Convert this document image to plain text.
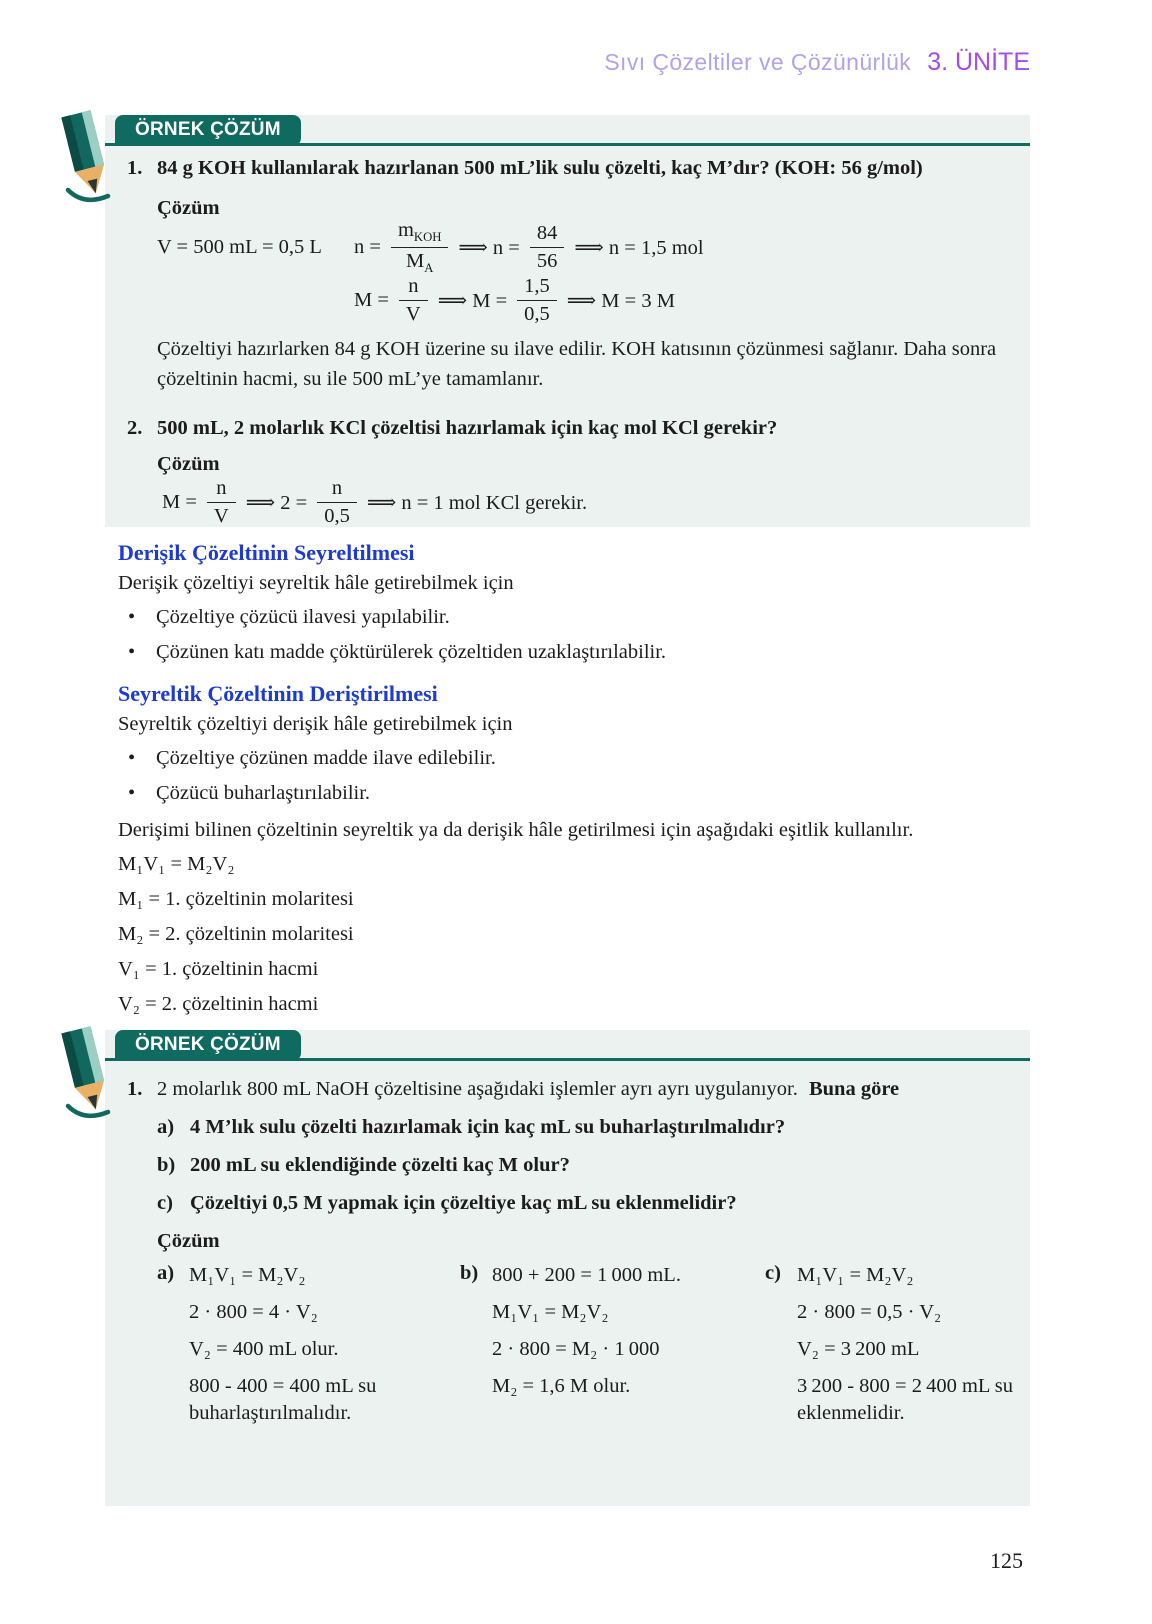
Sıvı Çözeltiler ve Çözünürlük 3. ÜNİTE
ÖRNEK ÇÖZÜM
1. 84 g KOH kullanılarak hazırlanan 500 mL’lik sulu çözelti, kaç M’dır? (KOH: 56 g/mol)
Çözüm
V = 500 mL = 0,5 L	$n = \frac{m_{KOH}}{M_A}$ ⟹ $n = \frac{84}{56}$ ⟹ n = 1,5 mol
$M = \frac{n}{V}$ ⟹ $M = \frac{1,5}{0,5}$ ⟹ M = 3 M
Çözeltiyi hazırlarken 84 g KOH üzerine su ilave edilir. KOH katısının çözünmesi sağlanır. Daha sonra çözeltinin hacmi, su ile 500 mL’ye tamamlanır.
2. 500 mL, 2 molarlık KCl çözeltisi hazırlamak için kaç mol KCl gerekir?
Çözüm
$M = \frac{n}{V}$ ⟹ $2 = \frac{n}{0,5}$ ⟹ n = 1 mol KCl gerekir.
Derişik Çözeltinin Seyreltilmesi
Derişik çözeltiyi seyreltik hâle getirebilmek için
•
Çözeltiye çözücü ilavesi yapılabilir.
•
Çözünen katı madde çöktürülerek çözeltiden uzaklaştırılabilir.
Seyreltik Çözeltinin Deriştirilmesi
Seyreltik çözeltiyi derişik hâle getirebilmek için
•
Çözeltiye çözünen madde ilave edilebilir.
•
Çözücü buharlaştırılabilir.
Derişimi bilinen çözeltinin seyreltik ya da derişik hâle getirilmesi için aşağıdaki eşitlik kullanılır.
M₁V₁ = M₂V₂
M₁ = 1. çözeltinin molaritesi
M₂ = 2. çözeltinin molaritesi
V₁ = 1. çözeltinin hacmi
V₂ = 2. çözeltinin hacmi
ÖRNEK ÇÖZÜM
1. 2 molarlık 800 mL NaOH çözeltisine aşağıdaki işlemler ayrı ayrı uygulanıyor. Buna göre
a) 4 M’lık sulu çözelti hazırlamak için kaç mL su buharlaştırılmalıdır?
b) 200 mL su eklendiğinde çözelti kaç M olur?
c) Çözeltiyi 0,5 M yapmak için çözeltiye kaç mL su eklenmelidir?
Çözüm
a) M₁V₁ = M₂V₂
2 · 800 = 4 · V₂
V₂ = 400 mL olur.
800 - 400 = 400 mL su buharlaştırılmalıdır.
b) 800 + 200 = 1 000 mL.
M₁V₁ = M₂V₂
2 · 800 = M₂ · 1 000
M₂ = 1,6 M olur.
c) M₁V₁ = M₂V₂
2 · 800 = 0,5 · V₂
V₂ = 3 200 mL
3 200 - 800 = 2 400 mL su eklenmelidir.
125
